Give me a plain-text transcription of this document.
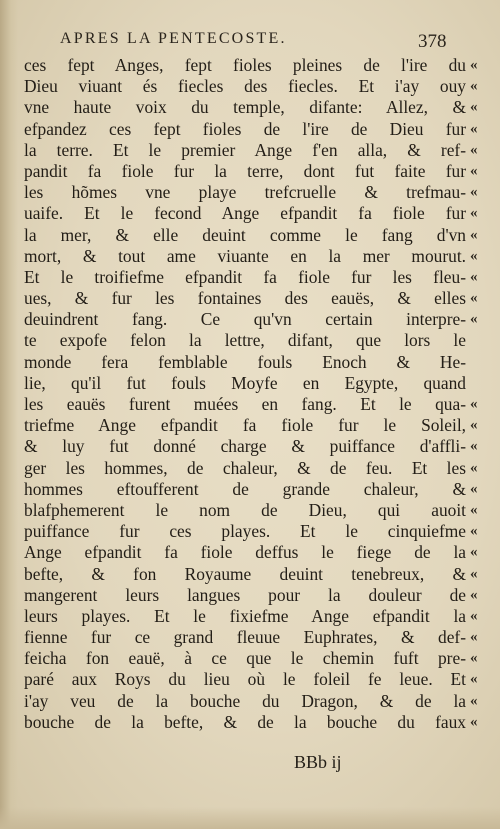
APRES LA PENTECOSTE.	378
ces fept Anges, fept fioles pleines de l'ire du «
Dieu viuant és fiecles des fiecles. Et i'ay ouy «
vne haute voix du temple, difante: Allez, & «
efpandez ces fept fioles de l'ire de Dieu fur «
la terre. Et le premier Ange f'en alla, & ref- «
pandit fa fiole fur la terre, dont fut faite fur «
les hõmes vne playe trefcruelle & trefmau- «
uaife. Et le fecond Ange efpandit fa fiole fur «
la mer, & elle deuint comme le fang d'vn «
mort, & tout ame viuante en la mer mourut. «
Et le troifiefme efpandit fa fiole fur les fleu- «
ues, & fur les fontaines des eauës, & elles «
deuindrent fang. Ce qu'vn certain interpre- «
te expofe felon la lettre, difant, que lors le
monde fera femblable fouls Enoch & He-
lie, qu'il fut fouls Moyfe en Egypte, quand
les eauës furent muées en fang. Et le qua- «
triefme Ange efpandit fa fiole fur le Soleil, «
& luy fut donné charge & puiffance d'affli- «
ger les hommes, de chaleur, & de feu. Et les «
hommes eftoufferent de grande chaleur, & «
blafphemerent le nom de Dieu, qui auoit «
puiffance fur ces playes. Et le cinquiefme «
Ange efpandit fa fiole deffus le fiege de la «
befte, & fon Royaume deuint tenebreux, & «
mangerent leurs langues pour la douleur de «
leurs playes. Et le fixiefme Ange efpandit la «
fienne fur ce grand fleuue Euphrates, & def- «
feicha fon eauë, à ce que le chemin fuft pre- «
paré aux Roys du lieu où le foleil fe leue. Et «
i'ay veu de la bouche du Dragon, & de la «
bouche de la befte, & de la bouche du faux «
BBb ij
